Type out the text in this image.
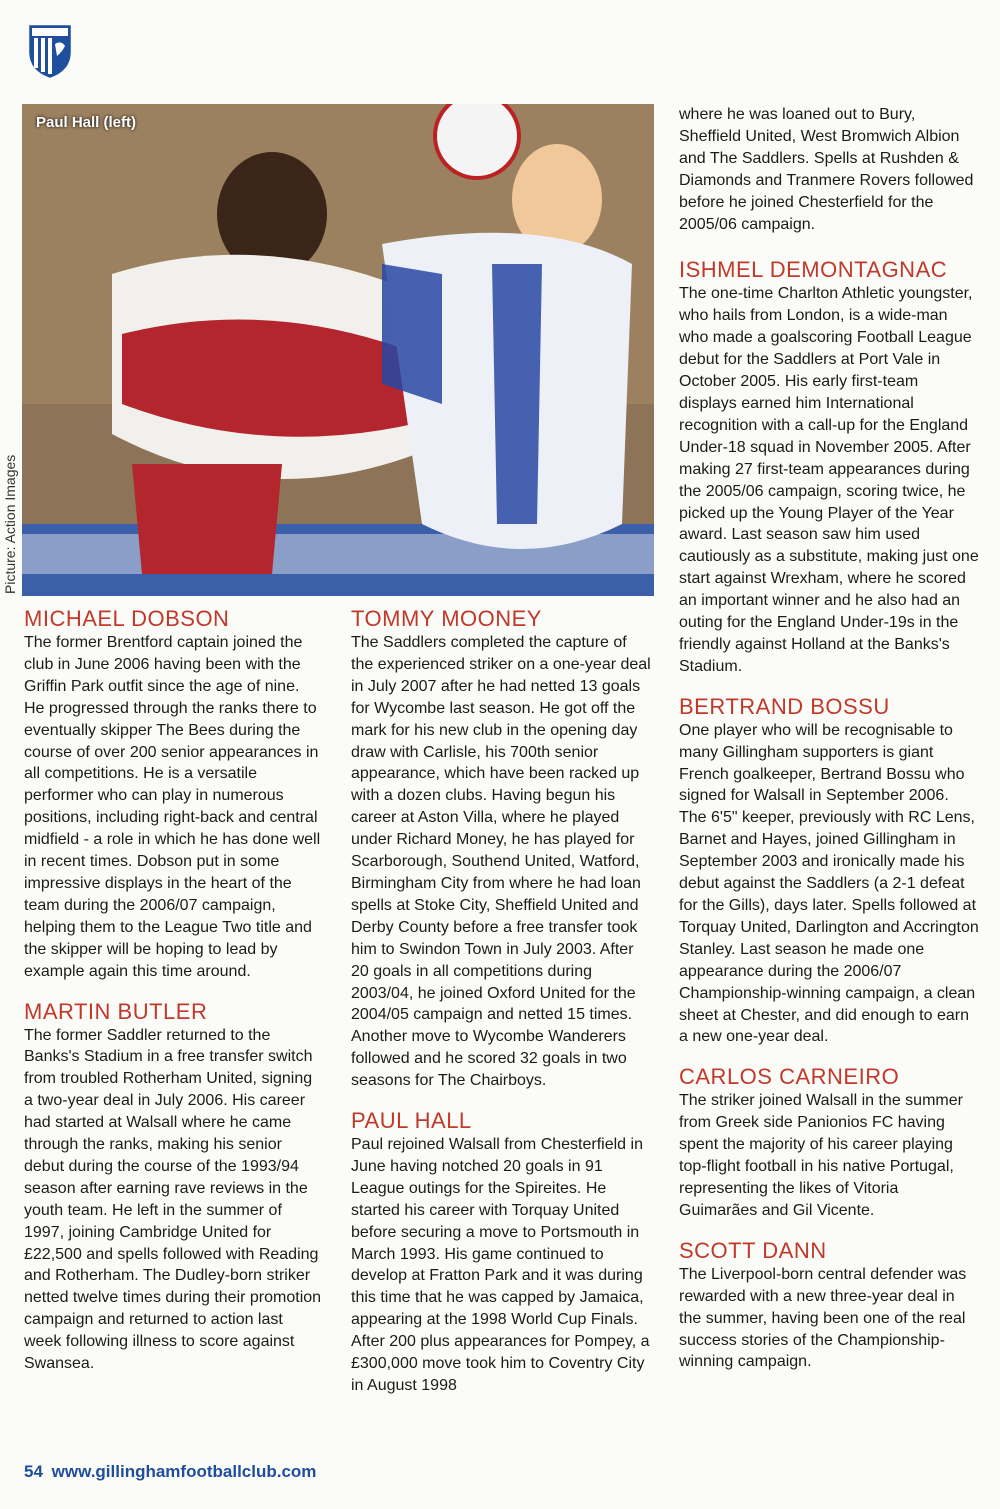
Paul Hall (left)
Picture: Action Images
MICHAEL DOBSON

The former Brentford captain joined the club in June 2006 having been with the Griffin Park outfit since the age of nine. He progressed through the ranks there to eventually skipper The Bees during the course of over 200 senior appearances in all competitions. He is a versatile performer who can play in numerous positions, including right-back and central midfield - a role in which he has done well in recent times. Dobson put in some impressive displays in the heart of the team during the 2006/07 campaign, helping them to the League Two title and the skipper will be hoping to lead by example again this time around.

MARTIN BUTLER

The former Saddler returned to the Banks's Stadium in a free transfer switch from troubled Rotherham United, signing a two-year deal in July 2006. His career had started at Walsall where he came through the ranks, making his senior debut during the course of the 1993/94 season after earning rave reviews in the youth team. He left in the summer of 1997, joining Cambridge United for £22,500 and spells followed with Reading and Rotherham. The Dudley-born striker netted twelve times during their promotion campaign and returned to action last week following illness to score against Swansea.

TOMMY MOONEY

The Saddlers completed the capture of the experienced striker on a one-year deal in July 2007 after he had netted 13 goals for Wycombe last season. He got off the mark for his new club in the opening day draw with Carlisle, his 700th senior appearance, which have been racked up with a dozen clubs. Having begun his career at Aston Villa, where he played under Richard Money, he has played for Scarborough, Southend United, Watford, Birmingham City from where he had loan spells at Stoke City, Sheffield United and Derby County before a free transfer took him to Swindon Town in July 2003. After 20 goals in all competitions during 2003/04, he joined Oxford United for the 2004/05 campaign and netted 15 times. Another move to Wycombe Wanderers followed and he scored 32 goals in two seasons for The Chairboys.

PAUL HALL

Paul rejoined Walsall from Chesterfield in June having notched 20 goals in 91 League outings for the Spireites. He started his career with Torquay United before securing a move to Portsmouth in March 1993. His game continued to develop at Fratton Park and it was during this time that he was capped by Jamaica, appearing at the 1998 World Cup Finals. After 200 plus appearances for Pompey, a £300,000 move took him to Coventry City in August 1998

where he was loaned out to Bury, Sheffield United, West Bromwich Albion and The Saddlers. Spells at Rushden & Diamonds and Tranmere Rovers followed before he joined Chesterfield for the 2005/06 campaign.

ISHMEL DEMONTAGNAC

The one-time Charlton Athletic youngster, who hails from London, is a wide-man who made a goalscoring Football League debut for the Saddlers at Port Vale in October 2005. His early first-team displays earned him International recognition with a call-up for the England Under-18 squad in November 2005. After making 27 first-team appearances during the 2005/06 campaign, scoring twice, he picked up the Young Player of the Year award. Last season saw him used cautiously as a substitute, making just one start against Wrexham, where he scored an important winner and he also had an outing for the England Under-19s in the friendly against Holland at the Banks's Stadium.

BERTRAND BOSSU

One player who will be recognisable to many Gillingham supporters is giant French goalkeeper, Bertrand Bossu who signed for Walsall in September 2006. The 6'5" keeper, previously with RC Lens, Barnet and Hayes, joined Gillingham in September 2003 and ironically made his debut against the Saddlers (a 2-1 defeat for the Gills), days later. Spells followed at Torquay United, Darlington and Accrington Stanley. Last season he made one appearance during the 2006/07 Championship-winning campaign, a clean sheet at Chester, and did enough to earn a new one-year deal.

CARLOS CARNEIRO

The striker joined Walsall in the summer from Greek side Panionios FC having spent the majority of his career playing top-flight football in his native Portugal, representing the likes of Vitoria Guimarães and Gil Vicente.

SCOTT DANN

The Liverpool-born central defender was rewarded with a new three-year deal in the summer, having been one of the real success stories of the Championship-winning campaign.

54 www.gillinghamfootballclub.com
